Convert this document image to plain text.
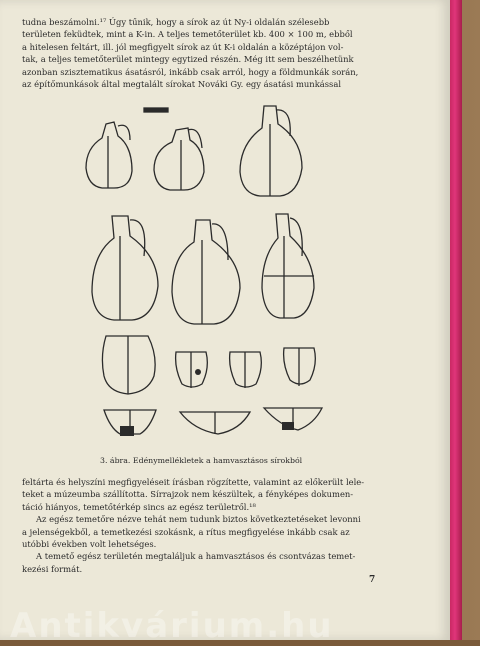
tudna beszámolni.¹⁷ Úgy tűnik, hogy a sírok az út Ny-i oldalán szélesebb

területen feküdtek, mint a K-in. A teljes temetőterület kb. 400 × 100 m, ebből

a hitelesen feltárt, ill. jól megfigyelt sírok az út K-i oldalán a középtájon vol-

tak, a teljes temetőterület mintegy egytized részén. Még itt sem beszélhetünk

azonban szisztematikus ásatásról, inkább csak arról, hogy a földmunkák során,

az építőmunkások által megtalált sírokat Nováki Gy. egy ásatási munkással

3. ábra. Edénymellékletek a hamvasztásos sírokból

feltárta és helyszíni megfigyeléseit írásban rögzítette, valamint az előkerült lele-

teket a múzeumba szállította. Sírrajzok nem készültek, a fényképes dokumen-

táció hiányos, temetőtérkép sincs az egész területről.¹⁸

Az egész temetőre nézve tehát nem tudunk biztos következtetéseket levonni

a jelenségekből, a temetkezési szokásnk, a rítus megfigyelése inkább csak az

utóbbi években volt lehetséges.

A temető egész területén megtaláljuk a hamvasztásos és csontvázas temet-

kezési formát.

7
Antikvárium.hu
